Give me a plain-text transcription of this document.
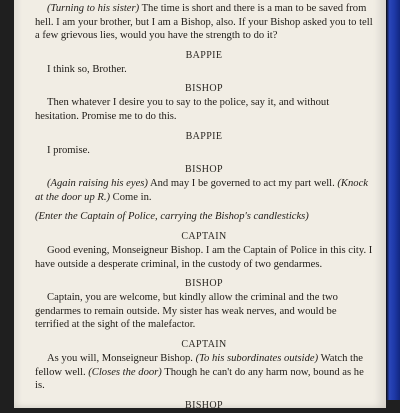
(Turning to his sister) The time is short and there is a man to be saved from hell. I am your brother, but I am a Bishop, also. If your Bishop asked you to tell a few grievous lies, would you have the strength to do it?

BAPPIE

I think so, Brother.

BISHOP

Then whatever I desire you to say to the police, say it, and without hesitation. Promise me to do this.

BAPPIE

I promise.

BISHOP

(Again raising his eyes) And may I be governed to act my part well. (Knock at the door up R.) Come in.

(Enter the Captain of Police, carrying the Bishop's candlesticks)

CAPTAIN

Good evening, Monseigneur Bishop. I am the Captain of Police in this city. I have outside a desperate criminal, in the custody of two gendarmes.

BISHOP

Captain, you are welcome, but kindly allow the criminal and the two gendarmes to remain outside. My sister has weak nerves, and would be terrified at the sight of the malefactor.

CAPTAIN

As you will, Monseigneur Bishop. (To his subordinates outside) Watch the fellow well. (Closes the door) Though he can't do any harm now, bound as he is.

BISHOP
